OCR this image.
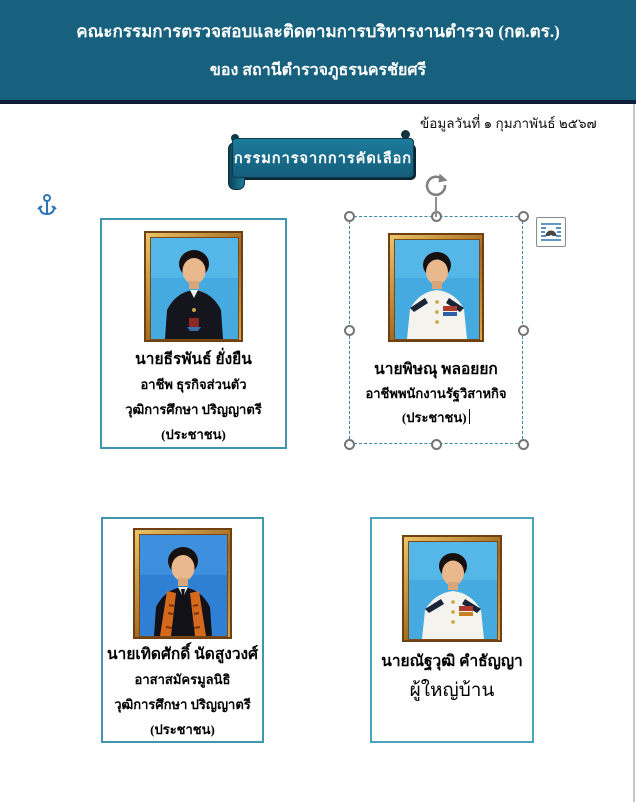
คณะกรรมการตรวจสอบและติดตามการบริหารงานตำรวจ (กต.ตร.)
ของ สถานีตำรวจภูธรนครชัยศรี
ข้อมูลวันที่ ๑ กุมภาพันธ์ ๒๕๖๗
กรรมการจากการคัดเลือก
นายธีรพันธ์ ยั่งยืน
อาชีพ ธุรกิจส่วนตัว
วุฒิการศึกษา ปริญญาตรี
(ประชาชน)
นายพิษณุ พลอยยก
อาชีพพนักงานรัฐวิสาหกิจ
(ประชาชน)
นายเทิดศักดิ์ นัดสูงวงศ์
อาสาสมัครมูลนิธิ
วุฒิการศึกษา ปริญญาตรี
(ประชาชน)
นายณัฐวุฒิ คำธัญญา
ผู้ใหญ่บ้าน
